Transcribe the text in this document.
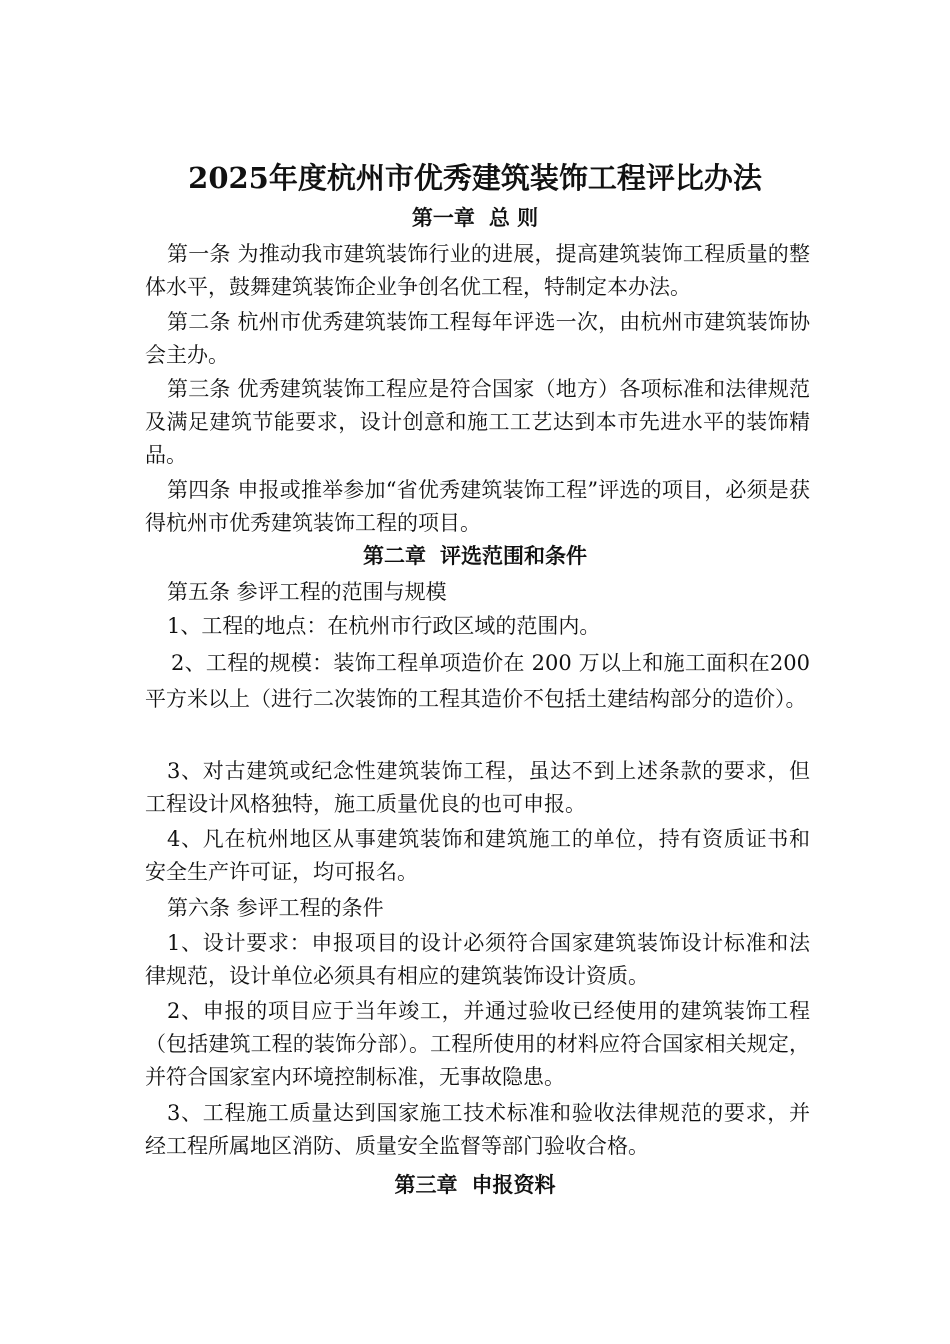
2025年度杭州市优秀建筑装饰工程评比办法
第一章 总 则
第一条 为推动我市建筑装饰行业的进展，提高建筑装饰工程质量的整体水平，鼓舞建筑装饰企业争创名优工程，特制定本办法。
第二条 杭州市优秀建筑装饰工程每年评选一次，由杭州市建筑装饰协会主办。
第三条 优秀建筑装饰工程应是符合国家（地方）各项标准和法律规范及满足建筑节能要求，设计创意和施工工艺达到本市先进水平的装饰精品。
第四条 申报或推举参加“省优秀建筑装饰工程”评选的项目，必须是获得杭州市优秀建筑装饰工程的项目。
第二章 评选范围和条件
第五条 参评工程的范围与规模
1、工程的地点：在杭州市行政区域的范围内。
2、工程的规模：装饰工程单项造价在 200 万以上和施工面积在200 平方米以上（进行二次装饰的工程其造价不包括土建结构部分的造价）。
3、对古建筑或纪念性建筑装饰工程，虽达不到上述条款的要求，但工程设计风格独特，施工质量优良的也可申报。
4、凡在杭州地区从事建筑装饰和建筑施工的单位，持有资质证书和安全生产许可证，均可报名。
第六条 参评工程的条件
1、设计要求：申报项目的设计必须符合国家建筑装饰设计标准和法律规范，设计单位必须具有相应的建筑装饰设计资质。
2、申报的项目应于当年竣工，并通过验收已经使用的建筑装饰工程（包括建筑工程的装饰分部）。工程所使用的材料应符合国家相关规定，并符合国家室内环境控制标准，无事故隐患。
3、工程施工质量达到国家施工技术标准和验收法律规范的要求，并经工程所属地区消防、质量安全监督等部门验收合格。
第三章 申报资料
